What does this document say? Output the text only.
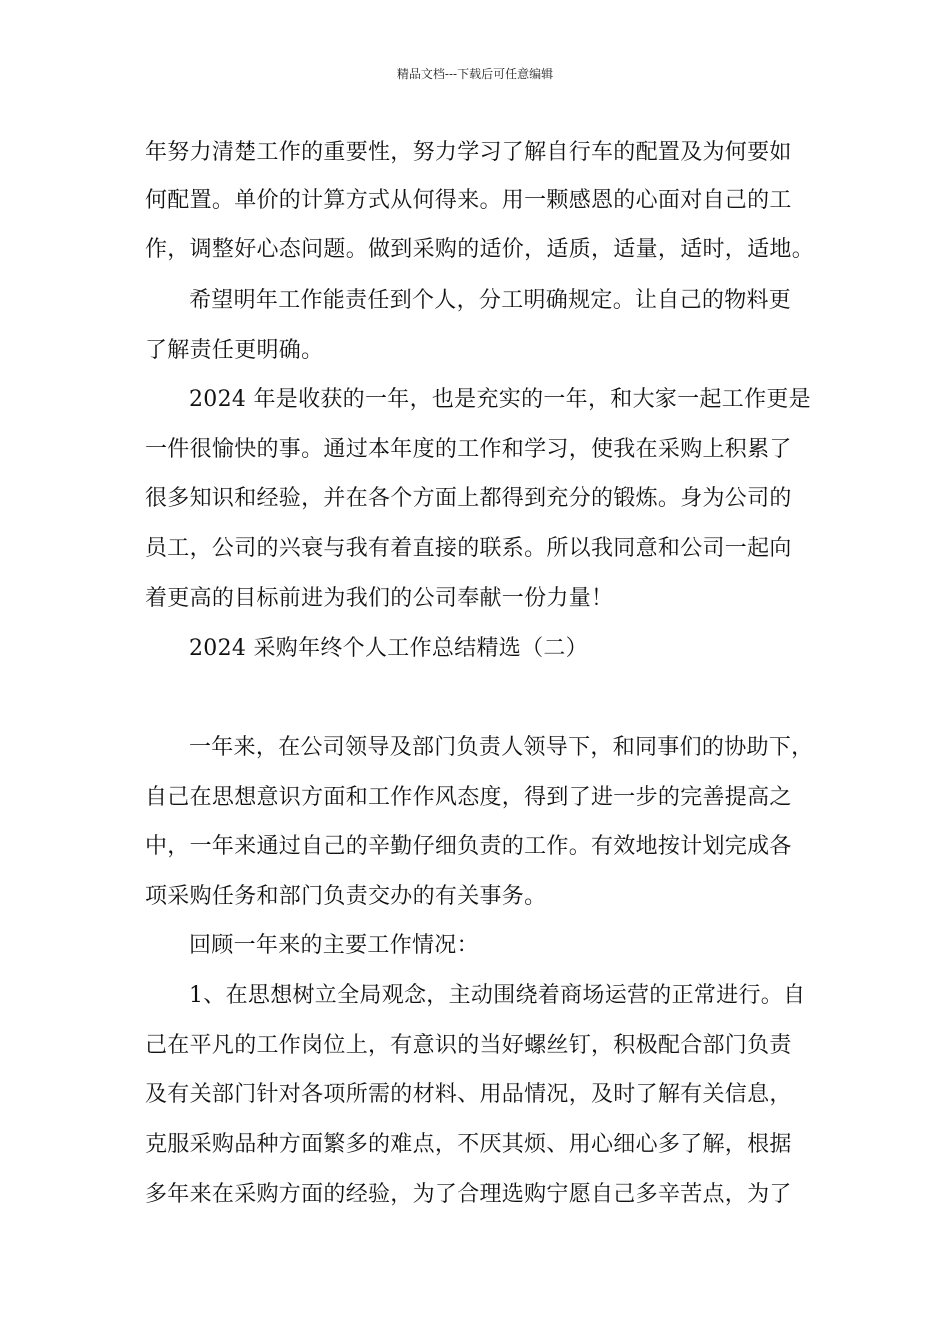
精品文档---下载后可任意编辑
年努力清楚工作的重要性，努力学习了解自行车的配置及为何要如
何配置。单价的计算方式从何得来。用一颗感恩的心面对自己的工
作，调整好心态问题。做到采购的适价，适质，适量，适时，适地。
希望明年工作能责任到个人，分工明确规定。让自己的物料更
了解责任更明确。
2024 年是收获的一年，也是充实的一年，和大家一起工作更是
一件很愉快的事。通过本年度的工作和学习，使我在采购上积累了
很多知识和经验，并在各个方面上都得到充分的锻炼。身为公司的
员工，公司的兴衰与我有着直接的联系。所以我同意和公司一起向
着更高的目标前进为我们的公司奉献一份力量！
2024 采购年终个人工作总结精选（二）
一年来，在公司领导及部门负责人领导下，和同事们的协助下，
自己在思想意识方面和工作作风态度，得到了进一步的完善提高之
中，一年来通过自己的辛勤仔细负责的工作。有效地按计划完成各
项采购任务和部门负责交办的有关事务。
回顾一年来的主要工作情况：
1、在思想树立全局观念，主动围绕着商场运营的正常进行。自
己在平凡的工作岗位上，有意识的当好螺丝钉，积极配合部门负责
及有关部门针对各项所需的材料、用品情况，及时了解有关信息，
克服采购品种方面繁多的难点，不厌其烦、用心细心多了解，根据
多年来在采购方面的经验，为了合理选购宁愿自己多辛苦点，为了
